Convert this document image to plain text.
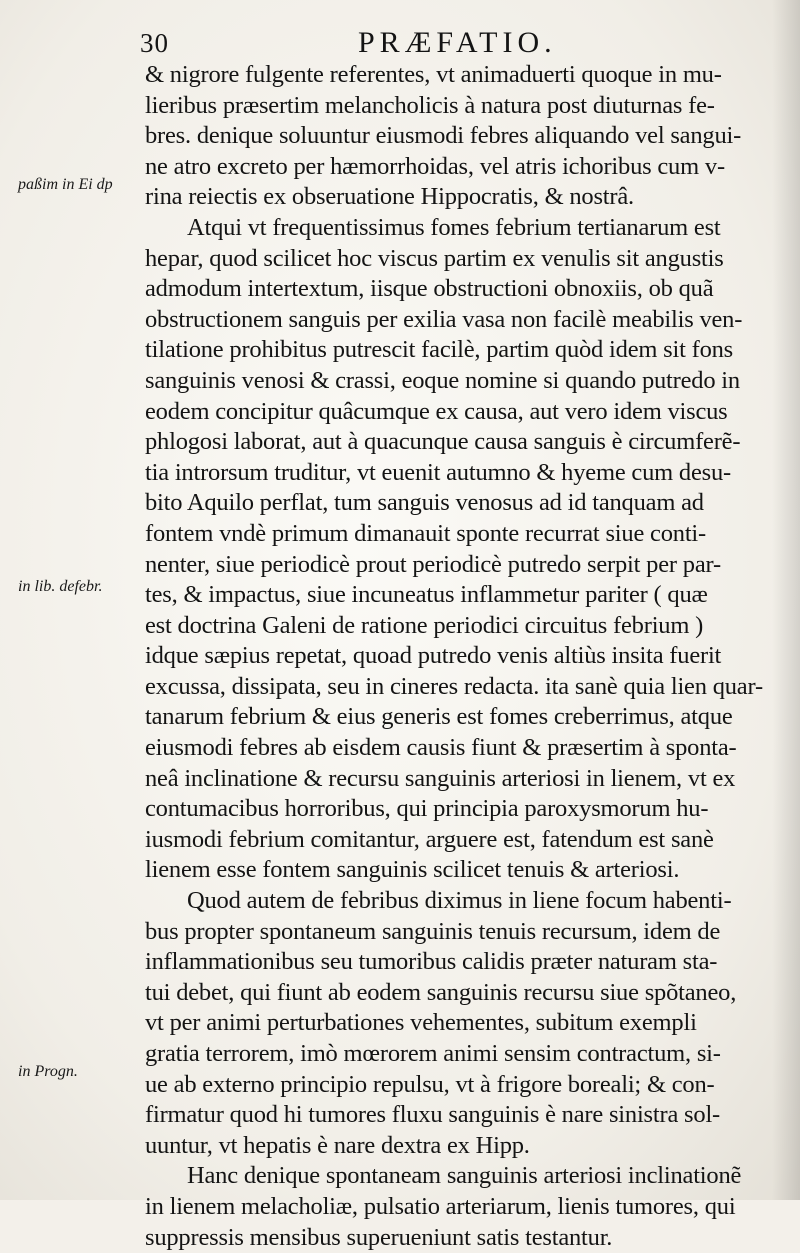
30	PRÆFATIO.
paßim in Ei dp
in lib. defebr.
in Progn.
& nigrore fulgente referentes, vt animaduerti quoque in mu-
lieribus præsertim melancholicis à natura post diuturnas fe-
bres. denique soluuntur eiusmodi febres aliquando vel sangui-
ne atro excreto per hæmorrhoidas, vel atris ichoribus cum v-
rina reiectis ex obseruatione Hippocratis, & nostrâ.
Atqui vt frequentissimus fomes febrium tertianarum est
hepar, quod scilicet hoc viscus partim ex venulis sit angustis
admodum intertextum, iisque obstructioni obnoxiis, ob quã
obstructionem sanguis per exilia vasa non facilè meabilis ven-
tilatione prohibitus putrescit facilè, partim quòd idem sit fons
sanguinis venosi & crassi, eoque nomine si quando putredo in
eodem concipitur quâcumque ex causa, aut vero idem viscus
phlogosi laborat, aut à quacunque causa sanguis è circumferẽ-
tia introrsum truditur, vt euenit autumno & hyeme cum desu-
bito Aquilo perflat, tum sanguis venosus ad id tanquam ad
fontem vndè primum dimanauit sponte recurrat siue conti-
nenter, siue periodicè prout periodicè putredo serpit per par-
tes, & impactus, siue incuneatus inflammetur pariter ( quæ
est doctrina Galeni de ratione periodici circuitus febrium )
idque sæpius repetat, quoad putredo venis altiùs insita fuerit
excussa, dissipata, seu in cineres redacta. ita sanè quia lien quar-
tanarum febrium & eius generis est fomes creberrimus, atque
eiusmodi febres ab eisdem causis fiunt & præsertim à sponta-
neâ inclinatione & recursu sanguinis arteriosi in lienem, vt ex
contumacibus horroribus, qui principia paroxysmorum hu-
iusmodi febrium comitantur, arguere est, fatendum est sanè
lienem esse fontem sanguinis scilicet tenuis & arteriosi.
Quod autem de febribus diximus in liene focum habenti-
bus propter spontaneum sanguinis tenuis recursum, idem de
inflammationibus seu tumoribus calidis præter naturam sta-
tui debet, qui fiunt ab eodem sanguinis recursu siue spõtaneo,
vt per animi perturbationes vehementes, subitum exempli
gratia terrorem, imò mœrorem animi sensim contractum, si-
ue ab externo principio repulsu, vt à frigore boreali; & con-
firmatur quod hi tumores fluxu sanguinis è nare sinistra sol-
uuntur, vt hepatis è nare dextra ex Hipp.
Hanc denique spontaneam sanguinis arteriosi inclinationẽ
in lienem melacholiæ, pulsatio arteriarum, lienis tumores, qui
suppressis mensibus superueniunt satis testantur.
